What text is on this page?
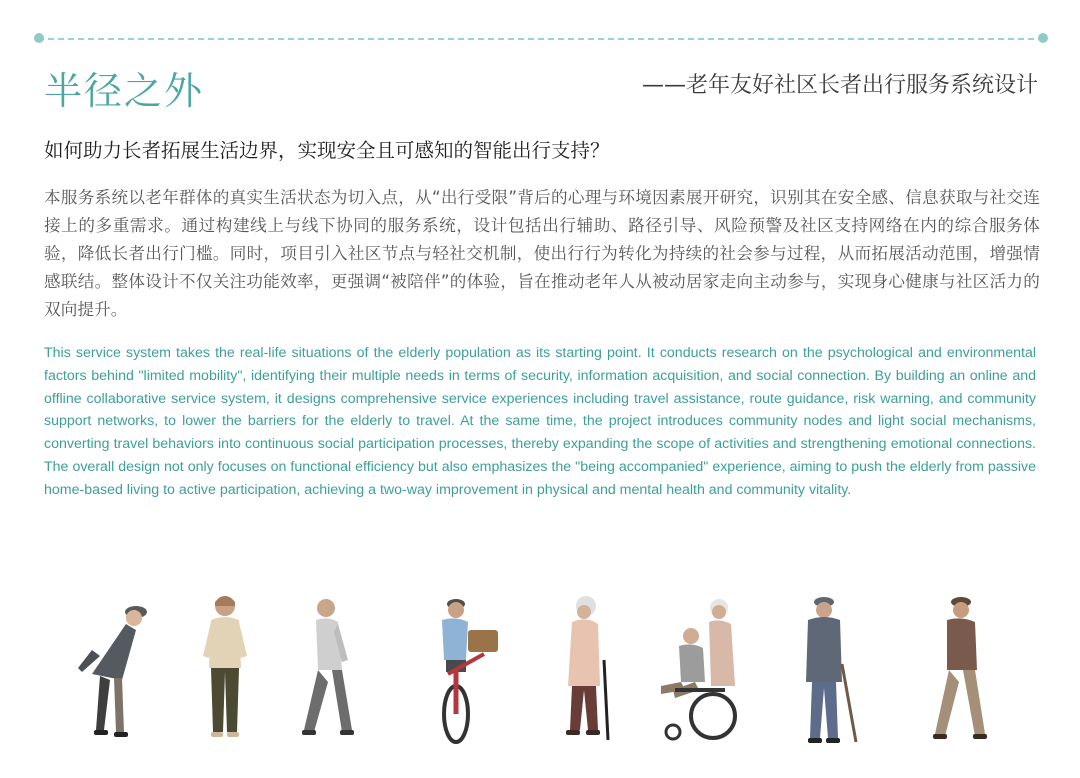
半径之外	——老年友好社区长者出行服务系统设计
如何助力长者拓展生活边界，实现安全且可感知的智能出行支持？
本服务系统以老年群体的真实生活状态为切入点，从“出行受限”背后的心理与环境因素展开研究，识别其在安全感、信息获取与社交连接上的多重需求。通过构建线上与线下协同的服务系统，设计包括出行辅助、路径引导、风险预警及社区支持网络在内的综合服务体验，降低长者出行门槛。同时，项目引入社区节点与轻社交机制，使出行行为转化为持续的社会参与过程，从而拓展活动范围，增强情感联结。整体设计不仅关注功能效率，更强调“被陪伴”的体验，旨在推动老年人从被动居家走向主动参与，实现身心健康与社区活力的双向提升。
This service system takes the real-life situations of the elderly population as its starting point. It conducts research on the psychological and environmental factors behind "limited mobility", identifying their multiple needs in terms of security, information acquisition, and social connection. By building an online and offline collaborative service system, it designs comprehensive service experiences including travel assistance, route guidance, risk warning, and community support networks, to lower the barriers for the elderly to travel. At the same time, the project introduces community nodes and light social mechanisms, converting travel behaviors into continuous social participation processes, thereby expanding the scope of activities and strengthening emotional connections. The overall design not only focuses on functional efficiency but also emphasizes the "being accompanied" experience, aiming to push the elderly from passive home-based living to active participation, achieving a two-way improvement in physical and mental health and community vitality.
